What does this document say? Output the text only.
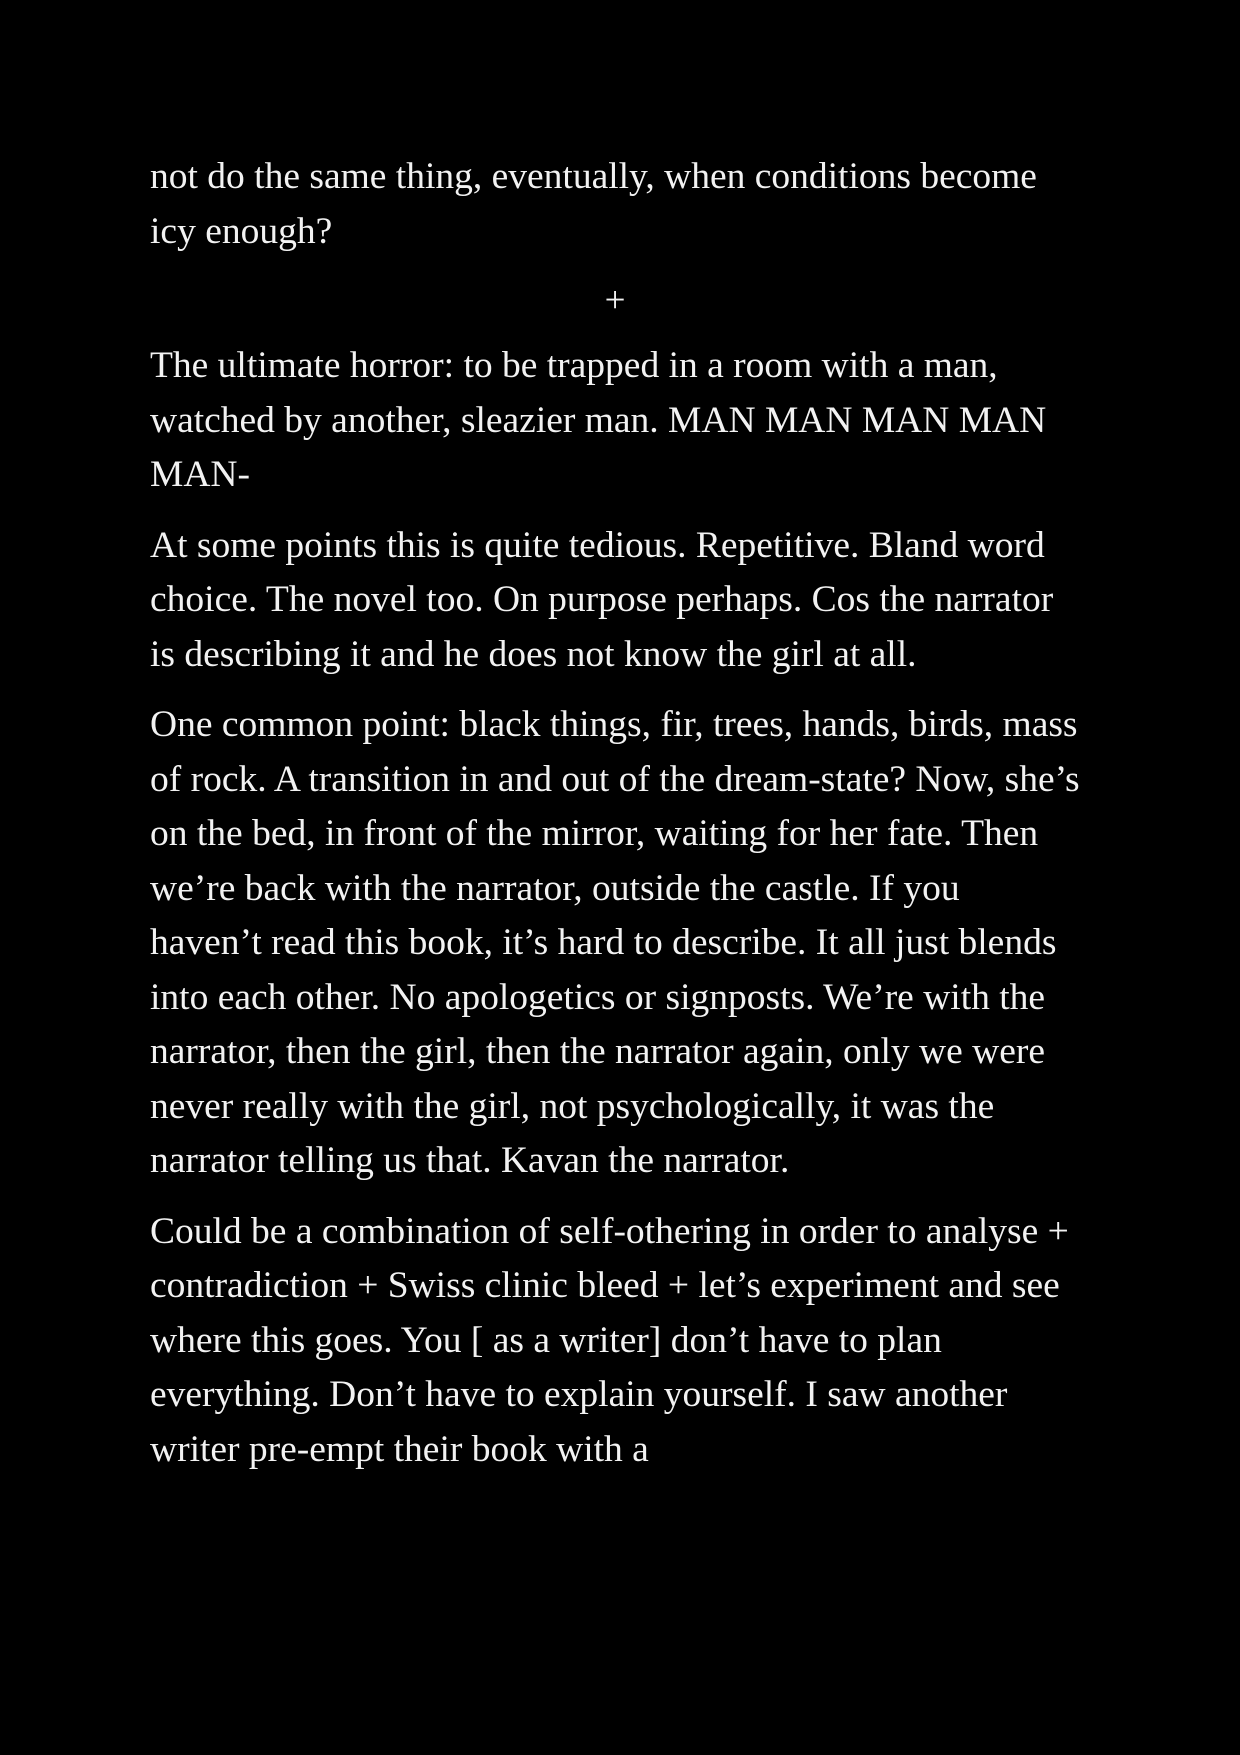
not do the same thing, eventually, when conditions become icy enough?

+

The ultimate horror: to be trapped in a room with a man, watched by another, sleazier man. MAN MAN MAN MAN MAN-

At some points this is quite tedious. Repetitive. Bland word choice. The novel too. On purpose perhaps. Cos the narrator is describing it and he does not know the girl at all.

One common point: black things, fir, trees, hands, birds, mass of rock. A transition in and out of the dream-state? Now, she’s on the bed, in front of the mirror, waiting for her fate. Then we’re back with the narrator, outside the castle. If you haven’t read this book, it’s hard to describe. It all just blends into each other. No apologetics or signposts. We’re with the narrator, then the girl, then the narrator again, only we were never really with the girl, not psychologically, it was the narrator telling us that. Kavan the narrator.

Could be a combination of self-othering in order to analyse + contradiction + Swiss clinic bleed + let’s experiment and see where this goes. You [ as a writer] don’t have to plan everything. Don’t have to explain yourself. I saw another writer pre-empt their book with a
